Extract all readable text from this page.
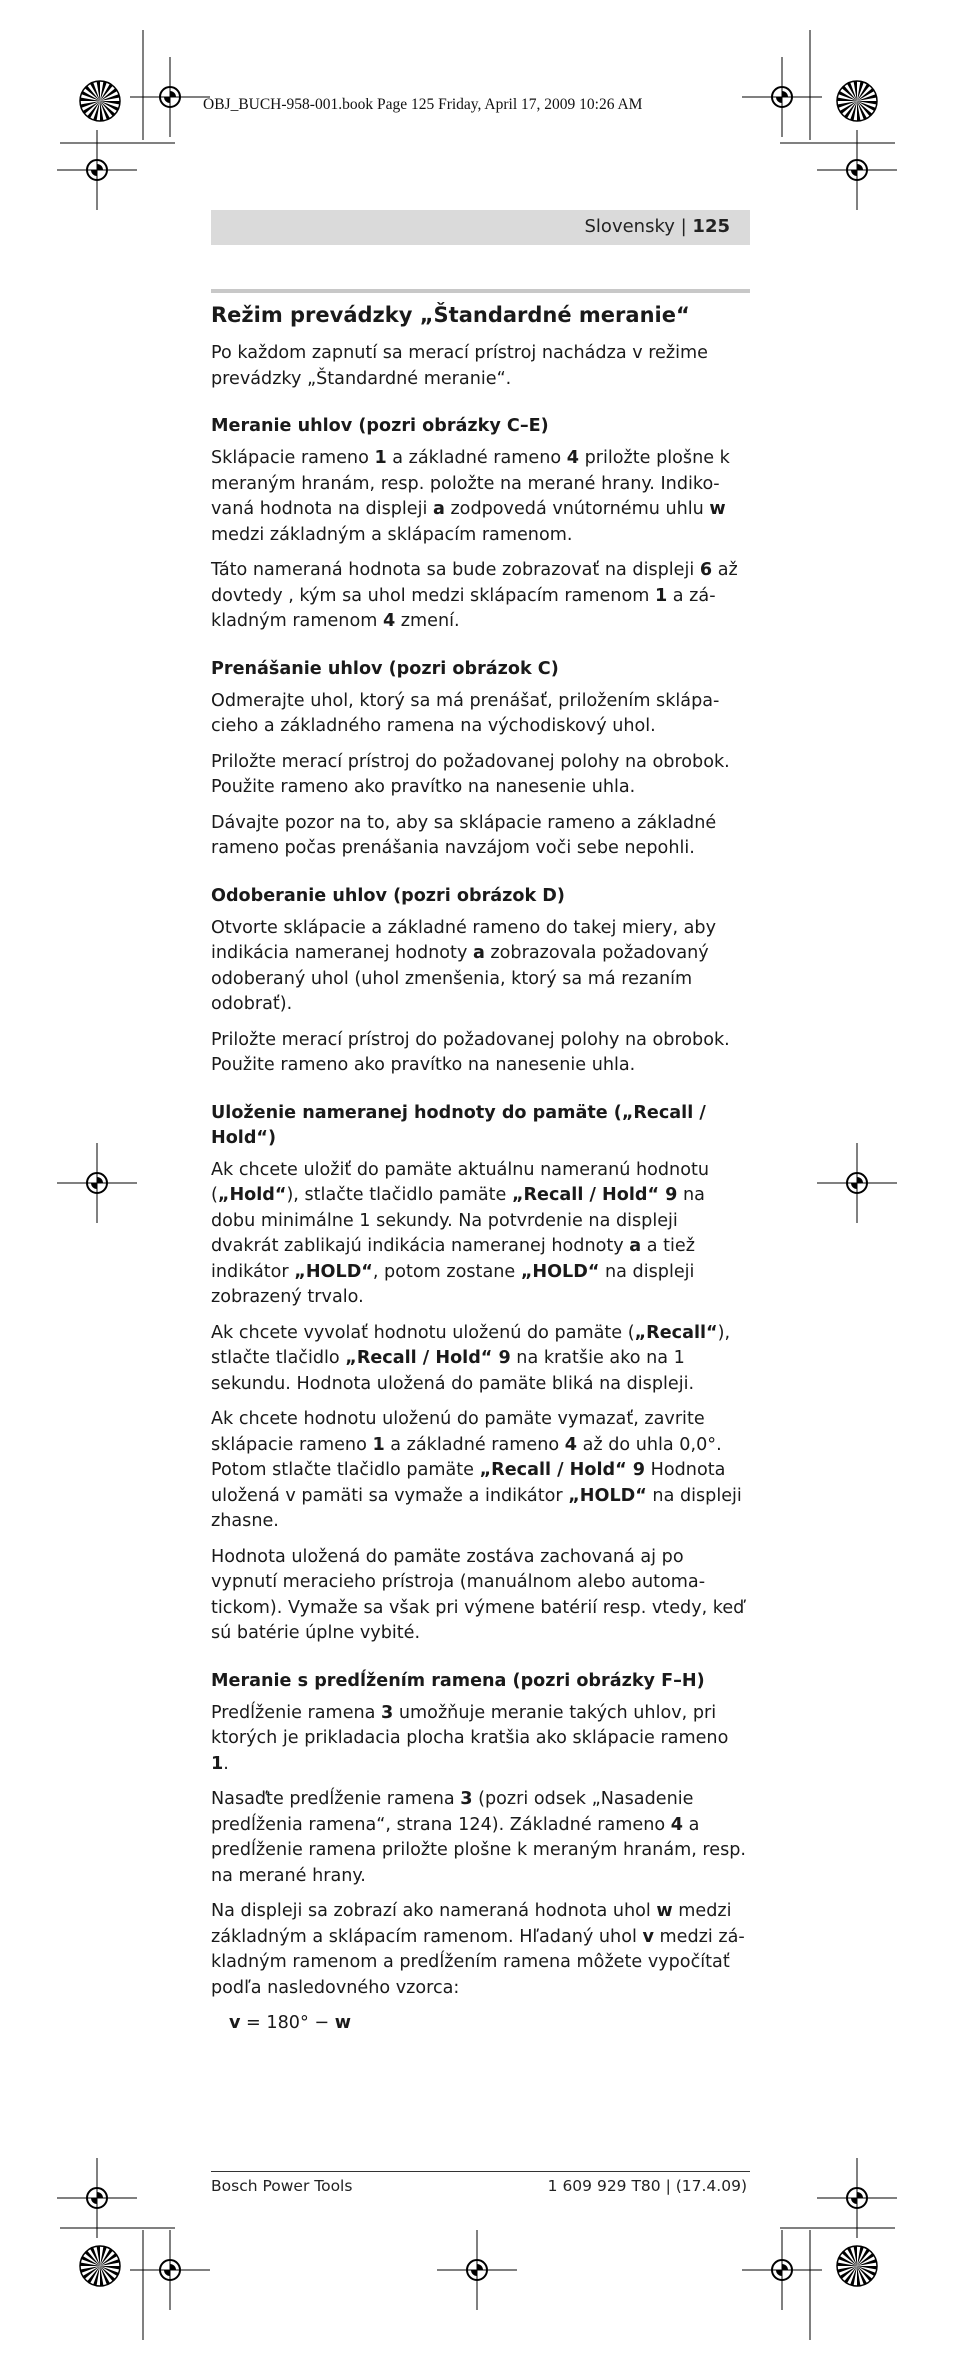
OBJ_BUCH-958-001.book Page 125 Friday, April 17, 2009 10:26 AM
Slovensky | 125
Režim prevádzky „Štandardné meranie“

Po každom zapnutí sa merací prístroj nachádza v režime prevádzky „Štandardné meranie“.

Meranie uhlov (pozri obrázky C–E)

Sklápacie rameno 1 a základné rameno 4 priložte plošne k meraným hranám, resp. položte na merané hrany. Indikovaná hodnota na displeji a zodpovedá vnútornému uhlu w medzi základným a sklápacím ramenom.

Táto nameraná hodnota sa bude zobrazovať na displeji 6 až dovtedy , kým sa uhol medzi sklápacím ramenom 1 a základným ramenom 4 zmení.

Prenášanie uhlov (pozri obrázok C)

Odmerajte uhol, ktorý sa má prenášať, priložením sklápacieho a základného ramena na východiskový uhol.

Priložte merací prístroj do požadovanej polohy na obrobok. Použite rameno ako pravítko na nanesenie uhla.

Dávajte pozor na to, aby sa sklápacie rameno a základné rameno počas prenášania navzájom voči sebe nepohli.

Odoberanie uhlov (pozri obrázok D)

Otvorte sklápacie a základné rameno do takej miery, aby indikácia nameranej hodnoty a zobrazovala požadovaný odoberaný uhol (uhol zmenšenia, ktorý sa má rezaním odobrať).

Priložte merací prístroj do požadovanej polohy na obrobok. Použite rameno ako pravítko na nanesenie uhla.

Uloženie nameranej hodnoty do pamäte („Recall / Hold“)

Ak chcete uložiť do pamäte aktuálnu nameranú hodnotu („Hold“), stlačte tlačidlo pamäte „Recall / Hold“ 9 na dobu minimálne 1 sekundy. Na potvrdenie na displeji dvakrát zablikajú indikácia nameranej hodnoty a a tiež indikátor „HOLD“, potom zostane „HOLD“ na displeji zobrazený trvalo.

Ak chcete vyvolať hodnotu uloženú do pamäte („Recall“), stlačte tlačidlo „Recall / Hold“ 9 na kratšie ako na 1 sekundu. Hodnota uložená do pamäte bliká na displeji.

Ak chcete hodnotu uloženú do pamäte vymazať, zavrite sklápacie rameno 1 a základné rameno 4 až do uhla 0,0°. Potom stlačte tlačidlo pamäte „Recall / Hold“ 9 Hodnota uložená v pamäti sa vymaže a indikátor „HOLD“ na displeji zhasne.

Hodnota uložená do pamäte zostáva zachovaná aj po vypnutí meracieho prístroja (manuálnom alebo automatickom). Vymaže sa však pri výmene batérií resp. vtedy, keď sú batérie úplne vybité.

Meranie s predĺžením ramena (pozri obrázky F–H)

Predĺženie ramena 3 umožňuje meranie takých uhlov, pri ktorých je prikladacia plocha kratšia ako sklápacie rameno 1.

Nasaďte predĺženie ramena 3 (pozri odsek „Nasadenie predĺženia ramena“, strana 124). Základné rameno 4 a predĺženie ramena priložte plošne k meraným hranám, resp. na merané hrany.

Na displeji sa zobrazí ako nameraná hodnota uhol w medzi základným a sklápacím ramenom. Hľadaný uhol v medzi základným ramenom a predĺžením ramena môžete vypočítať podľa nasledovného vzorca:

v = 180° − w

Bosch Power Tools	1 609 929 T80 | (17.4.09)
